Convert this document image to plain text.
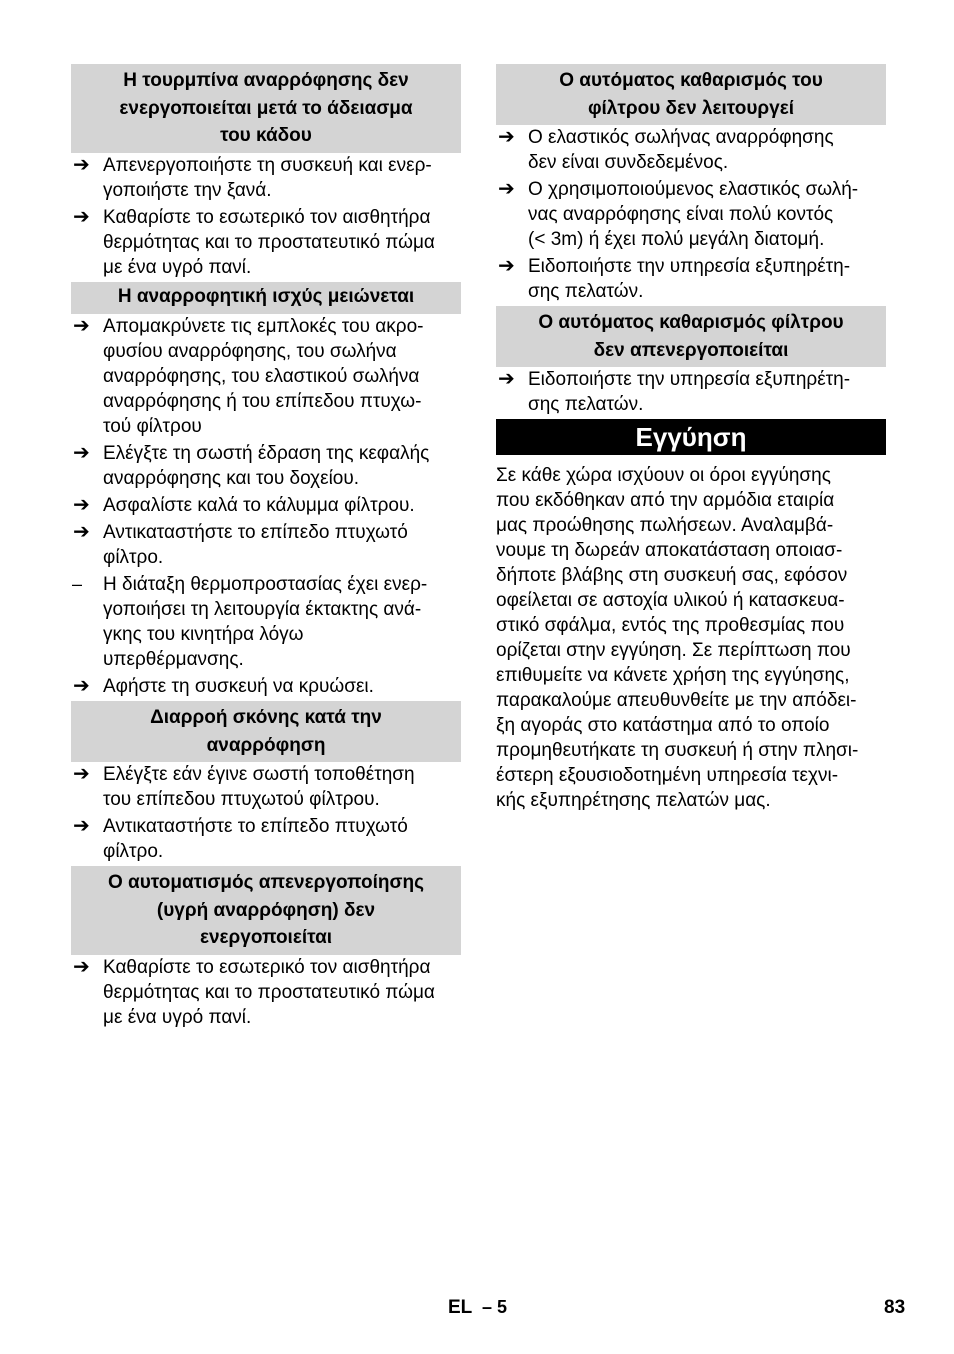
Η τουρμπίνα αναρρόφησης δεν
ενεργοποιείται μετά το άδειασμα
του κάδου
➔ Απενεργοποιήστε τη συσκευή και ενερ-
γοποιήστε την ξανά.
➔ Καθαρίστε το εσωτερικό τον αισθητήρα
θερμότητας και το προστατευτικό πώμα
με ένα υγρό πανί.
Η αναρροφητική ισχύς μειώνεται
➔ Απομακρύνετε τις εμπλοκές του ακρο-
φυσίου αναρρόφησης, του σωλήνα
αναρρόφησης, του ελαστικού σωλήνα
αναρρόφησης ή του επίπεδου πτυχω-
τού φίλτρου
➔ Ελέγξτε τη σωστή έδραση της κεφαλής
αναρρόφησης και του δοχείου.
➔ Ασφαλίστε καλά το κάλυμμα φίλτρου.
➔ Αντικαταστήστε το επίπεδο πτυχωτό
φίλτρο.
–	Η διάταξη θερμοπροστασίας έχει ενερ-
γοποιήσει τη λειτουργία έκτακτης ανά-
γκης του κινητήρα λόγω
υπερθέρμανσης.
➔ Αφήστε τη συσκευή να κρυώσει.
Διαρροή σκόνης κατά την
αναρρόφηση
➔ Ελέγξτε εάν έγινε σωστή τοποθέτηση
του επίπεδου πτυχωτού φίλτρου.
➔ Αντικαταστήστε το επίπεδο πτυχωτό
φίλτρο.
Ο αυτοματισμός απενεργοποίησης
(υγρή αναρρόφηση) δεν
ενεργοποιείται
➔ Καθαρίστε το εσωτερικό τον αισθητήρα
θερμότητας και το προστατευτικό πώμα
με ένα υγρό πανί.
Ο αυτόματος καθαρισμός του
φίλτρου δεν λειτουργεί
➔ Ο ελαστικός σωλήνας αναρρόφησης
δεν είναι συνδεδεμένος.
➔ Ο χρησιμοποιούμενος ελαστικός σωλή-
νας αναρρόφησης είναι πολύ κοντός
(< 3m) ή έχει πολύ μεγάλη διατομή.
➔ Ειδοποιήστε την υπηρεσία εξυπηρέτη-
σης πελατών.
Ο αυτόματος καθαρισμός φίλτρου
δεν απενεργοποιείται
➔ Ειδοποιήστε την υπηρεσία εξυπηρέτη-
σης πελατών.
Εγγύηση
Σε κάθε χώρα ισχύουν οι όροι εγγύησης
που εκδόθηκαν από την αρμόδια εταιρία
μας προώθησης πωλήσεων. Αναλαμβά-
νουμε τη δωρεάν αποκατάσταση οποιασ-
δήποτε βλάβης στη συσκευή σας, εφόσον
οφείλεται σε αστοχία υλικού ή κατασκευα-
στικό σφάλμα, εντός της προθεσμίας που
ορίζεται στην εγγύηση. Σε περίπτωση που
επιθυμείτε να κάνετε χρήση της εγγύησης,
παρακαλούμε απευθυνθείτε με την απόδει-
ξη αγοράς στο κατάστημα από το οποίο
προμηθευτήκατε τη συσκευή ή στην πλησι-
έστερη εξουσιοδοτημένη υπηρεσία τεχνι-
κής εξυπηρέτησης πελατών μας.
EL – 5	83
